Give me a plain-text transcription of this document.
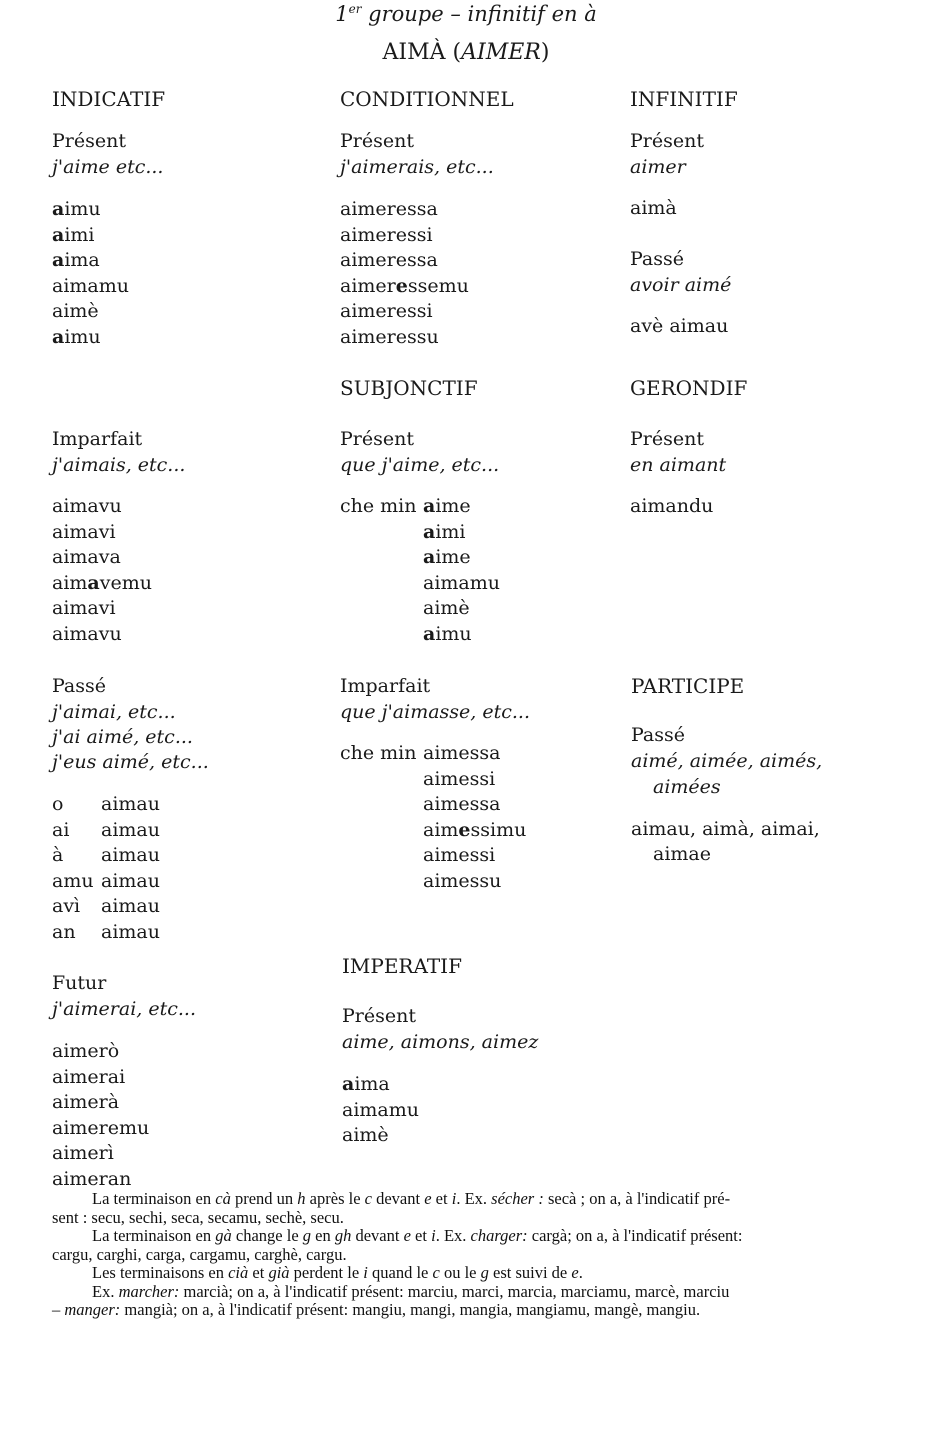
1er groupe – infinitif en à
AIMÀ (AIMER)
INDICATIF
Présent
j'aime etc...
aimu
aimi
aima
aimamu
aimè
aimu
Imparfait
j'aimais, etc...
aimavu
aimavi
aimava
aimavemu
aimavi
aimavu
Passé
j'aimai, etc...
j'ai aimé, etc...
j'eus aimé, etc...
o
ai
à
amu
avì
an
aimau
aimau
aimau
aimau
aimau
aimau
Futur
j'aimerai, etc...
aimerò
aimerai
aimerà
aimeremu
aimerì
aimeran
CONDITIONNEL
Présent
j'aimerais, etc...
aimeressa
aimeressi
aimeressa
aimeressemu
aimeressi
aimeressu
SUBJONCTIF
Présent
que j'aime, etc...
che min aime
aimi
aime
aimamu
aimè
aimu
Imparfait
que j'aimasse, etc...
che min aimessa
aimessi
aimessa
aimessimu
aimessi
aimessu
IMPERATIF
Présent
aime, aimons, aimez
aima
aimamu
aimè
INFINITIF
Présent
aimer
aimà
Passé
avoir aimé
avè aimau
GERONDIF
Présent
en aimant
aimandu
PARTICIPE
Passé
aimé, aimée, aimés,
aimées
aimau, aimà, aimai,
aimae

La terminaison en cà prend un h après le c devant e et i. Ex. sécher : secà ; on a, à l'indicatif pré-

sent : secu, sechi, seca, secamu, sechè, secu.

La terminaison en gà change le g en gh devant e et i. Ex. charger: cargà; on a, à l'indicatif présent:

cargu, carghi, carga, cargamu, carghè, cargu.

Les terminaisons en cià et già perdent le i quand le c ou le g est suivi de e.

Ex. marcher: marcià; on a, à l'indicatif présent: marciu, marci, marcia, marciamu, marcè, marciu

– manger: mangià; on a, à l'indicatif présent: mangiu, mangi, mangia, mangiamu, mangè, mangiu.
